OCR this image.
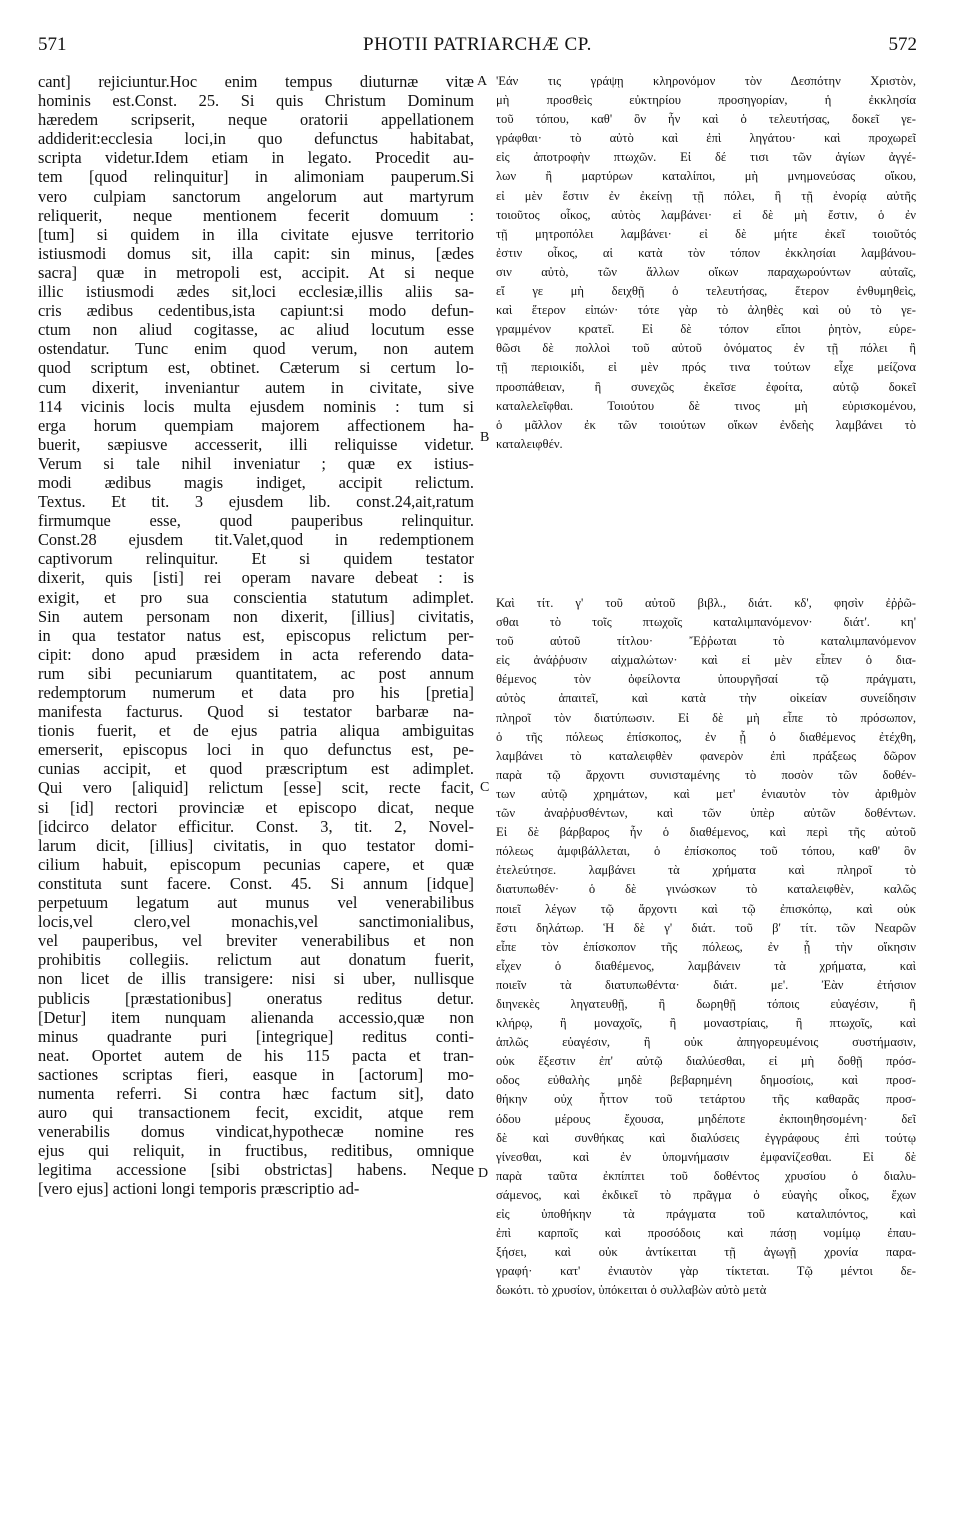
571	PHOTII PATRIARCHÆ CP.	572
cant] rejiciuntur.Hoc enim tempus diuturnæ vitæ
hominis est.Const. 25. Si quis Christum Dominum
hæredem scripserit, neque oratorii appellationem
addiderit:ecclesia loci,in quo defunctus habitabat,
scripta videtur.Idem etiam in legato. Procedit au-
tem [quod relinquitur] in alimoniam pauperum.Si
vero culpiam sanctorum angelorum aut martyrum
reliquerit, neque mentionem fecerit domuum :
[tum] si quidem in illa civitate ejusve territorio
istiusmodi domus sit, illa capit: sin minus, [ædes
sacra] quæ in metropoli est, accipit. At si neque
illic istiusmodi ædes sit,loci ecclesiæ,illis aliis sa-
cris ædibus cedentibus,ista capiunt:si modo defun-
ctum non aliud cogitasse, ac aliud locutum esse
ostendatur. Tunc enim quod verum, non autem
quod scriptum est, obtinet. Cæterum si certum lo-
cum dixerit, inveniantur autem in civitate, sive
114 vicinis locis multa ejusdem nominis : tum si
erga horum quempiam majorem affectionem ha-
buerit, sæpiusve accesserit, illi reliquisse videtur.
Verum si tale nihil inveniatur ; quæ ex istius-
modi ædibus magis indiget, accipit relictum.
Textus. Et tit. 3 ejusdem lib. const.24,ait,ratum
firmumque esse, quod pauperibus relinquitur.
Const.28 ejusdem tit.Valet,quod in redemptionem
captivorum relinquitur. Et si quidem testator
dixerit, quis [isti] rei operam navare debeat : is
exigit, et pro sua conscientia statutum adimplet.
Sin autem personam non dixerit, [illius] civitatis,
in qua testator natus est, episcopus relictum per-
cipit: dono apud præsidem in acta referendo data-
rum sibi pecuniarum quantitatem, ac post annum
redemptorum numerum et data pro his [pretia]
manifesta facturus. Quod si testator barbaræ na-
tionis fuerit, et de ejus patria aliqua ambiguitas
emerserit, episcopus loci in quo defunctus est, pe-
cunias accipit, et quod præscriptum est adimplet.
Qui vero [aliquid] relictum [esse] scit, recte facit,
si [id] rectori provinciæ et episcopo dicat, neque
[idcirco delator efficitur. Const. 3, tit. 2, Novel-
larum dicit, [illius] civitatis, in quo testator domi-
cilium habuit, episcopum pecunias capere, et quæ
constituta sunt facere. Const. 45. Si annum [idque]
perpetuum legatum aut munus vel venerabilibus
locis,vel clero,vel monachis,vel sanctimonialibus,
vel pauperibus, vel breviter venerabilibus et non
prohibitis collegiis. relictum aut donatum fuerit,
non licet de illis transigere: nisi si uber, nullisque
publicis [præstationibus] oneratus reditus detur.
[Detur] item nunquam alienanda accessio,quæ non
minus quadrante puri [integrique] reditus conti-
neat. Oportet autem de his 115 pacta et tran-
sactiones scriptas fieri, easque in [actorum] mo-
numenta referri. Si contra hæc factum sit], dato
auro qui transactionem fecit, excidit, atque rem
venerabilis domus vindicat,hypothecæ nomine res
ejus qui reliquit, in fructibus, reditibus, omnique
legitima accessione [sibi obstrictas] habens. Neque
[vero ejus] actioni longi temporis præscriptio ad-
'Εάν τις γράψῃ κληρονόμον τὸν Δεσπότην Χριστὸν,
μὴ προσθεὶς εὐκτηρίου προσηγορίαν, ἡ ἐκκλησία
τοῦ τόπου, καθ' ὃν ἦν καὶ ὁ τελευτήσας, δοκεῖ γε-
γράφθαι· τὸ αὐτὸ καὶ ἐπὶ ληγάτου· καὶ προχωρεῖ
εἰς ἀποτροφὴν πτωχῶν. Εἰ δέ τισι τῶν ἁγίων ἀγγέ-
λων ἢ μαρτύρων καταλίποι, μὴ μνημονεύσας οἴκου,
εἰ μὲν ἔστιν ἐν ἐκείνῃ τῇ πόλει, ἢ τῇ ἐνορίᾳ αὐτῆς
τοιοῦτος οἶκος, αὐτὸς λαμβάνει· εἰ δὲ μὴ ἔστιν, ὁ ἐν
τῇ μητροπόλει λαμβάνει· εἰ δὲ μήτε ἐκεῖ τοιοῦτός
ἐστιν οἶκος, αἱ κατὰ τὸν τόπον ἐκκλησίαι λαμβάνου-
σιν αὐτὸ, τῶν ἄλλων οἴκων παραχωρούντων αὐταῖς,
εἴ γε μὴ δειχθῇ ὁ τελευτήσας, ἕτερον ἐνθυμηθεὶς,
καὶ ἕτερον εἰπών· τότε γὰρ τὸ ἀληθὲς καὶ οὐ τὸ γε-
γραμμένον κρατεῖ. Εἰ δὲ τόπον εἴποι ῥητὸν, εὑρε-
θῶσι δὲ πολλοὶ τοῦ αὐτοῦ ὀνόματος ἐν τῇ πόλει ἢ
τῇ περιοικίδι, εἰ μὲν πρός τινα τούτων εἶχε μείζονα
προσπάθειαν, ἢ συνεχῶς ἐκεῖσε ἐφοίτα, αὐτῷ δοκεῖ
καταλελεῖφθαι. Τοιούτου δὲ τινος μὴ εὑρισκομένου,
ὁ μᾶλλον ἐκ τῶν τοιούτων οἴκων ἐνδεὴς λαμβάνει τὸ
καταλειφθέν.
Καὶ τίτ. γ' τοῦ αὐτοῦ βιβλ., διάτ. κδ', φησὶν ἐῤῥῶ-
σθαι τὸ τοῖς πτωχοῖς καταλιμπανόμενον· διάτ'. κη'
τοῦ αὐτοῦ τίτλου· Ἔῤῥωται τὸ καταλιμπανόμενον
εἰς ἀνάῤῥυσιν αἰχμαλώτων· καὶ εἰ μὲν εἶπεν ὁ δια-
θέμενος τὸν ὀφείλοντα ὑπουργῆσαί τῷ πράγματι,
αὐτὸς ἀπαιτεῖ, καὶ κατὰ τὴν οἰκείαν συνείδησιν
πληροῖ τὸν διατύπωσιν. Εἰ δὲ μὴ εἶπε τὸ πρόσωπον,
ὁ τῆς πόλεως ἐπίσκοπος, ἐν ᾗ ὁ διαθέμενος ἐτέχθη,
λαμβάνει τὸ καταλειφθὲν φανερὸν ἐπὶ πράξεως δῶρον
παρὰ τῷ ἄρχοντι συνισταμένης τὸ ποσὸν τῶν δοθέν-
των αὐτῷ χρημάτων, καὶ μετ' ἐνιαυτὸν τὸν ἀριθμὸν
τῶν ἀναῤῥυσθέντων, καὶ τῶν ὑπὲρ αὐτῶν δοθέντων.
Εἰ δὲ βάρβαρος ἦν ὁ διαθέμενος, καὶ περὶ τῆς αὐτοῦ
πόλεως ἀμφιβάλλεται, ὁ ἐπίσκοπος τοῦ τόπου, καθ' ὃν
ἐτελεύτησε. λαμβάνει τὰ χρήματα καὶ πληροῖ τὸ
διατυπωθέν· ὁ δὲ γινώσκων τὸ καταλειφθὲν, καλῶς
ποιεῖ λέγων τῷ ἄρχοντι καὶ τῷ ἐπισκόπῳ, καὶ οὐκ
ἔστι δηλάτωρ. Ἡ δὲ γ' διάτ. τοῦ β' τίτ. τῶν Νεαρῶν
εἶπε τὸν ἐπίσκοπον τῆς πόλεως, ἐν ᾗ τὴν οἴκησιν
εἶχεν ὁ διαθέμενος, λαμβάνειν τὰ χρήματα, καὶ
ποιεῖν τὰ διατυπωθέντα· διάτ. με'. Ἐὰν ἐτήσιον
διηνεκὲς ληγατευθῇ, ἢ δωρηθῇ τόποις εὐαγέσιν, ἢ
κλήρῳ, ἢ μοναχοῖς, ἢ μοναστρίαις, ἢ πτωχοῖς, καὶ
ἁπλῶς εὐαγέσιν, ἢ οὐκ ἀπηγορευμένοις συστήμασιν,
οὐκ ἔξεστιν ἐπ' αὐτῷ διαλύεσθαι, εἰ μὴ δοθῇ πρόσ-
οδος εὐθαλὴς μηδὲ βεβαρημένη δημοσίοις, καὶ προσ-
θήκην οὐχ ἧττον τοῦ τετάρτου τῆς καθαρᾶς προσ-
όδου μέρους ἔχουσα, μηδέποτε ἐκποιηθησομένη· δεῖ
δὲ καὶ συνθήκας καὶ διαλύσεις ἐγγράφους ἐπὶ τούτῳ
γίνεσθαι, καὶ ἐν ὑπομνήμασιν ἐμφανίζεσθαι. Εἰ δὲ
παρὰ ταῦτα ἐκπίπτει τοῦ δοθέντος χρυσίου ὁ διαλυ-
σάμενος, καὶ ἐκδικεῖ τὸ πρᾶγμα ὁ εὐαγὴς οἶκος, ἔχων
εἰς ὑποθήκην τὰ πράγματα τοῦ καταλιπόντος, καὶ
ἐπὶ καρποῖς καὶ προσόδοις καὶ πάσῃ νομίμῳ ἐπαυ-
ξήσει, καὶ οὐκ ἀντίκειται τῇ ἀγωγῇ χρονία παρα-
γραφή· κατ' ἐνιαυτὸν γὰρ τίκτεται. Τῷ μέντοι δε-
δωκότι. τὸ χρυσίον, ὑπόκειται ὁ συλλαβὼν αὐτὸ μετὰ
A
B
C
D
